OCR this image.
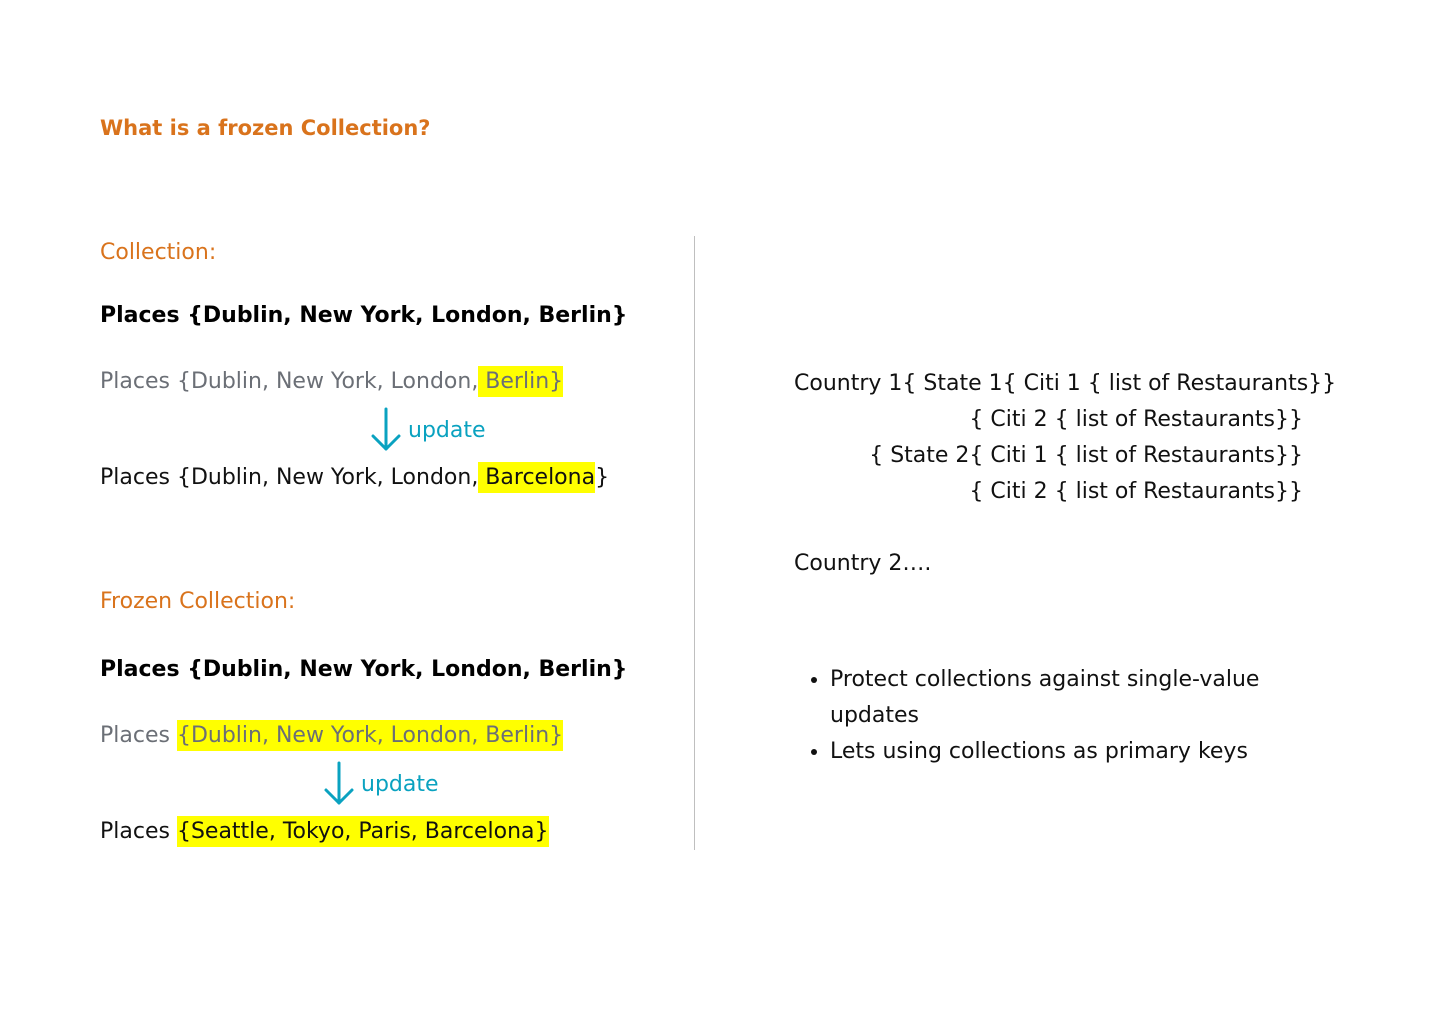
What is a frozen Collection?
Collection:
Places {Dublin, New York, London, Berlin}
Places {Dublin, New York, London, Berlin}
update
Places {Dublin, New York, London, Barcelona}
Frozen Collection:
Places {Dublin, New York, London, Berlin}
Places {Dublin, New York, London, Berlin}
update
Places {Seattle, Tokyo, Paris, Barcelona}
Country 1{ State 1{ Citi 1 { list of Restaurants}}
{ Citi 2 { list of Restaurants}}
{ State 2{ Citi 1 { list of Restaurants}}
{ Citi 2 { list of Restaurants}}
Country 2….
• Protect collections against single-value updates
• Lets using collections as primary keys
